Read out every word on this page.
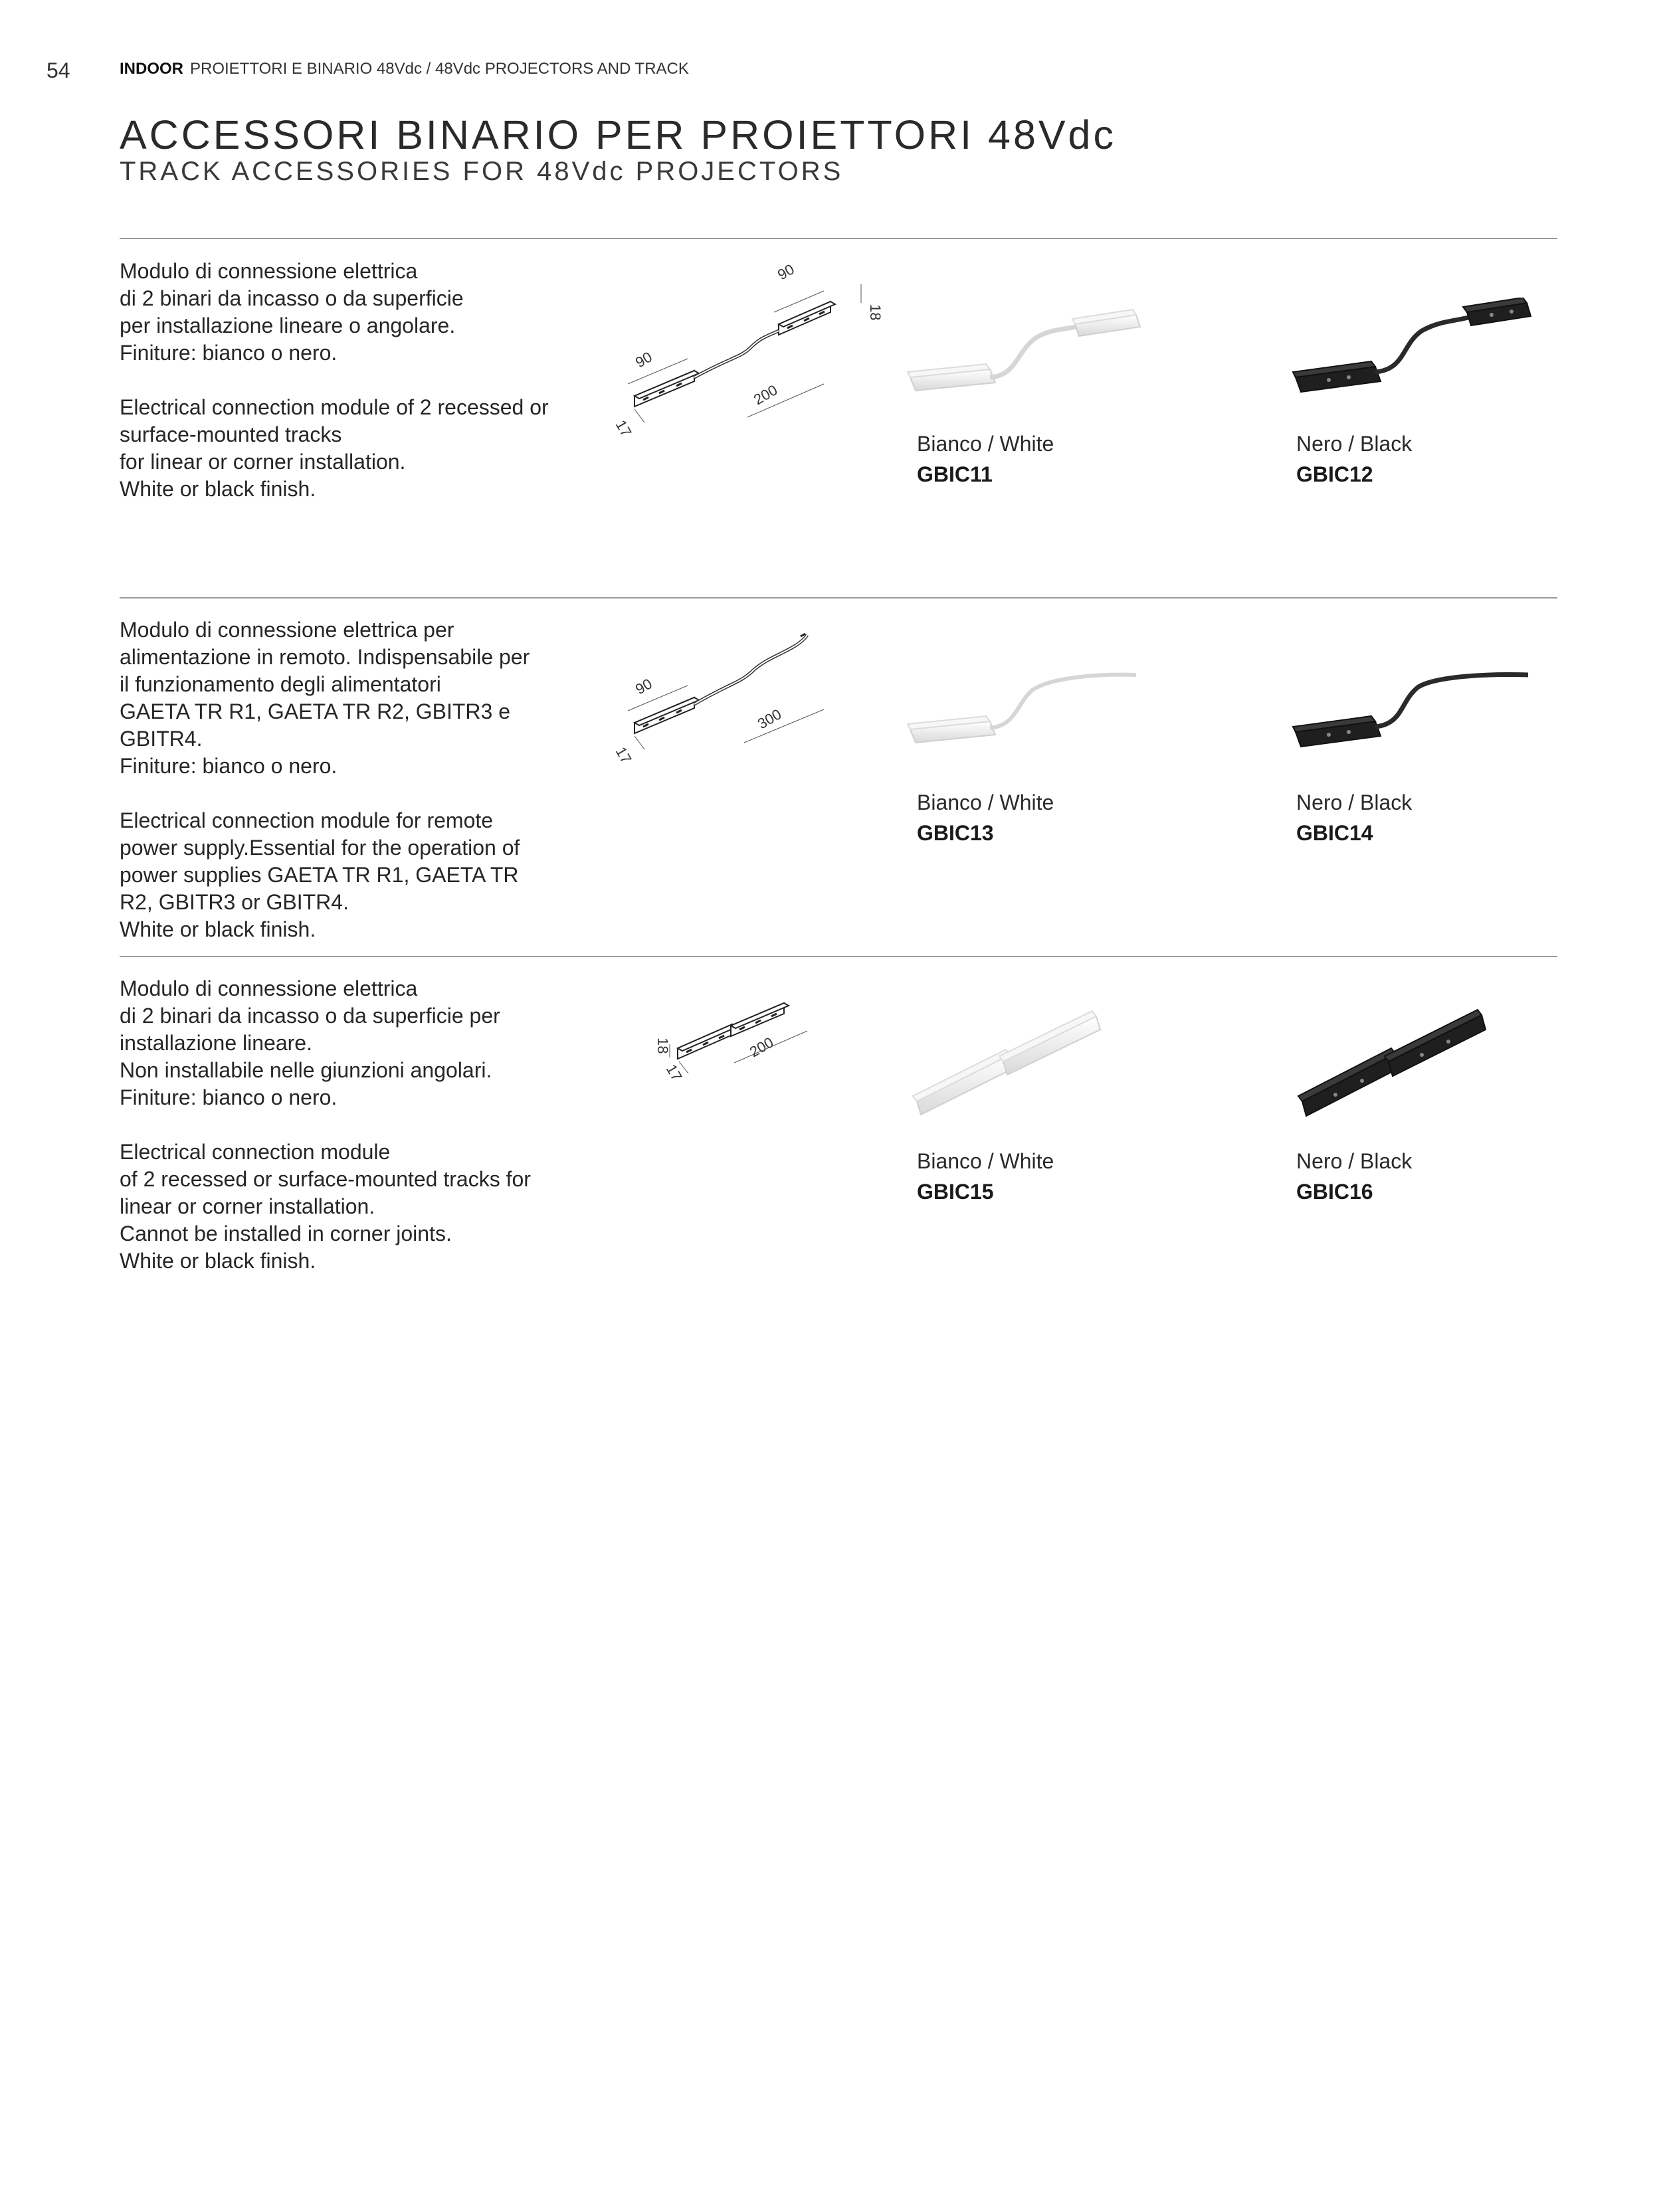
54	INDOOR PROIETTORI E BINARIO 48Vdc / 48Vdc PROJECTORS AND TRACK
ACCESSORI BINARIO PER PROIETTORI 48Vdc
TRACK ACCESSORIES FOR 48Vdc PROJECTORS

Modulo di connessione elettrica
di 2 binari da incasso o da superficie
per installazione lineare o angolare.
Finiture: bianco o nero.

Electrical connection module of 2 recessed or
surface-mounted tracks
for linear or corner installation.
White or black finish.

90
90
18
200
17
Bianco / White
GBIC11
Nero / Black
GBIC12

Modulo di connessione elettrica per
alimentazione in remoto. Indispensabile per
il funzionamento degli alimentatori
GAETA TR R1, GAETA TR R2, GBITR3 e
GBITR4.
Finiture: bianco o nero.

Electrical connection module for remote
power supply.Essential for the operation of
power supplies GAETA TR R1, GAETA TR
R2, GBITR3 or GBITR4.
White or black finish.

90
300
17
Bianco / White
GBIC13
Nero / Black
GBIC14

Modulo di connessione elettrica
di 2 binari da incasso o da superficie per
installazione lineare.
Non installabile nelle giunzioni angolari.
Finiture: bianco o nero.

Electrical connection module
of 2 recessed or surface-mounted tracks for
linear or corner installation.
Cannot be installed in corner joints.
White or black finish.

18	200
17
Bianco / White
GBIC15
Nero / Black
GBIC16
